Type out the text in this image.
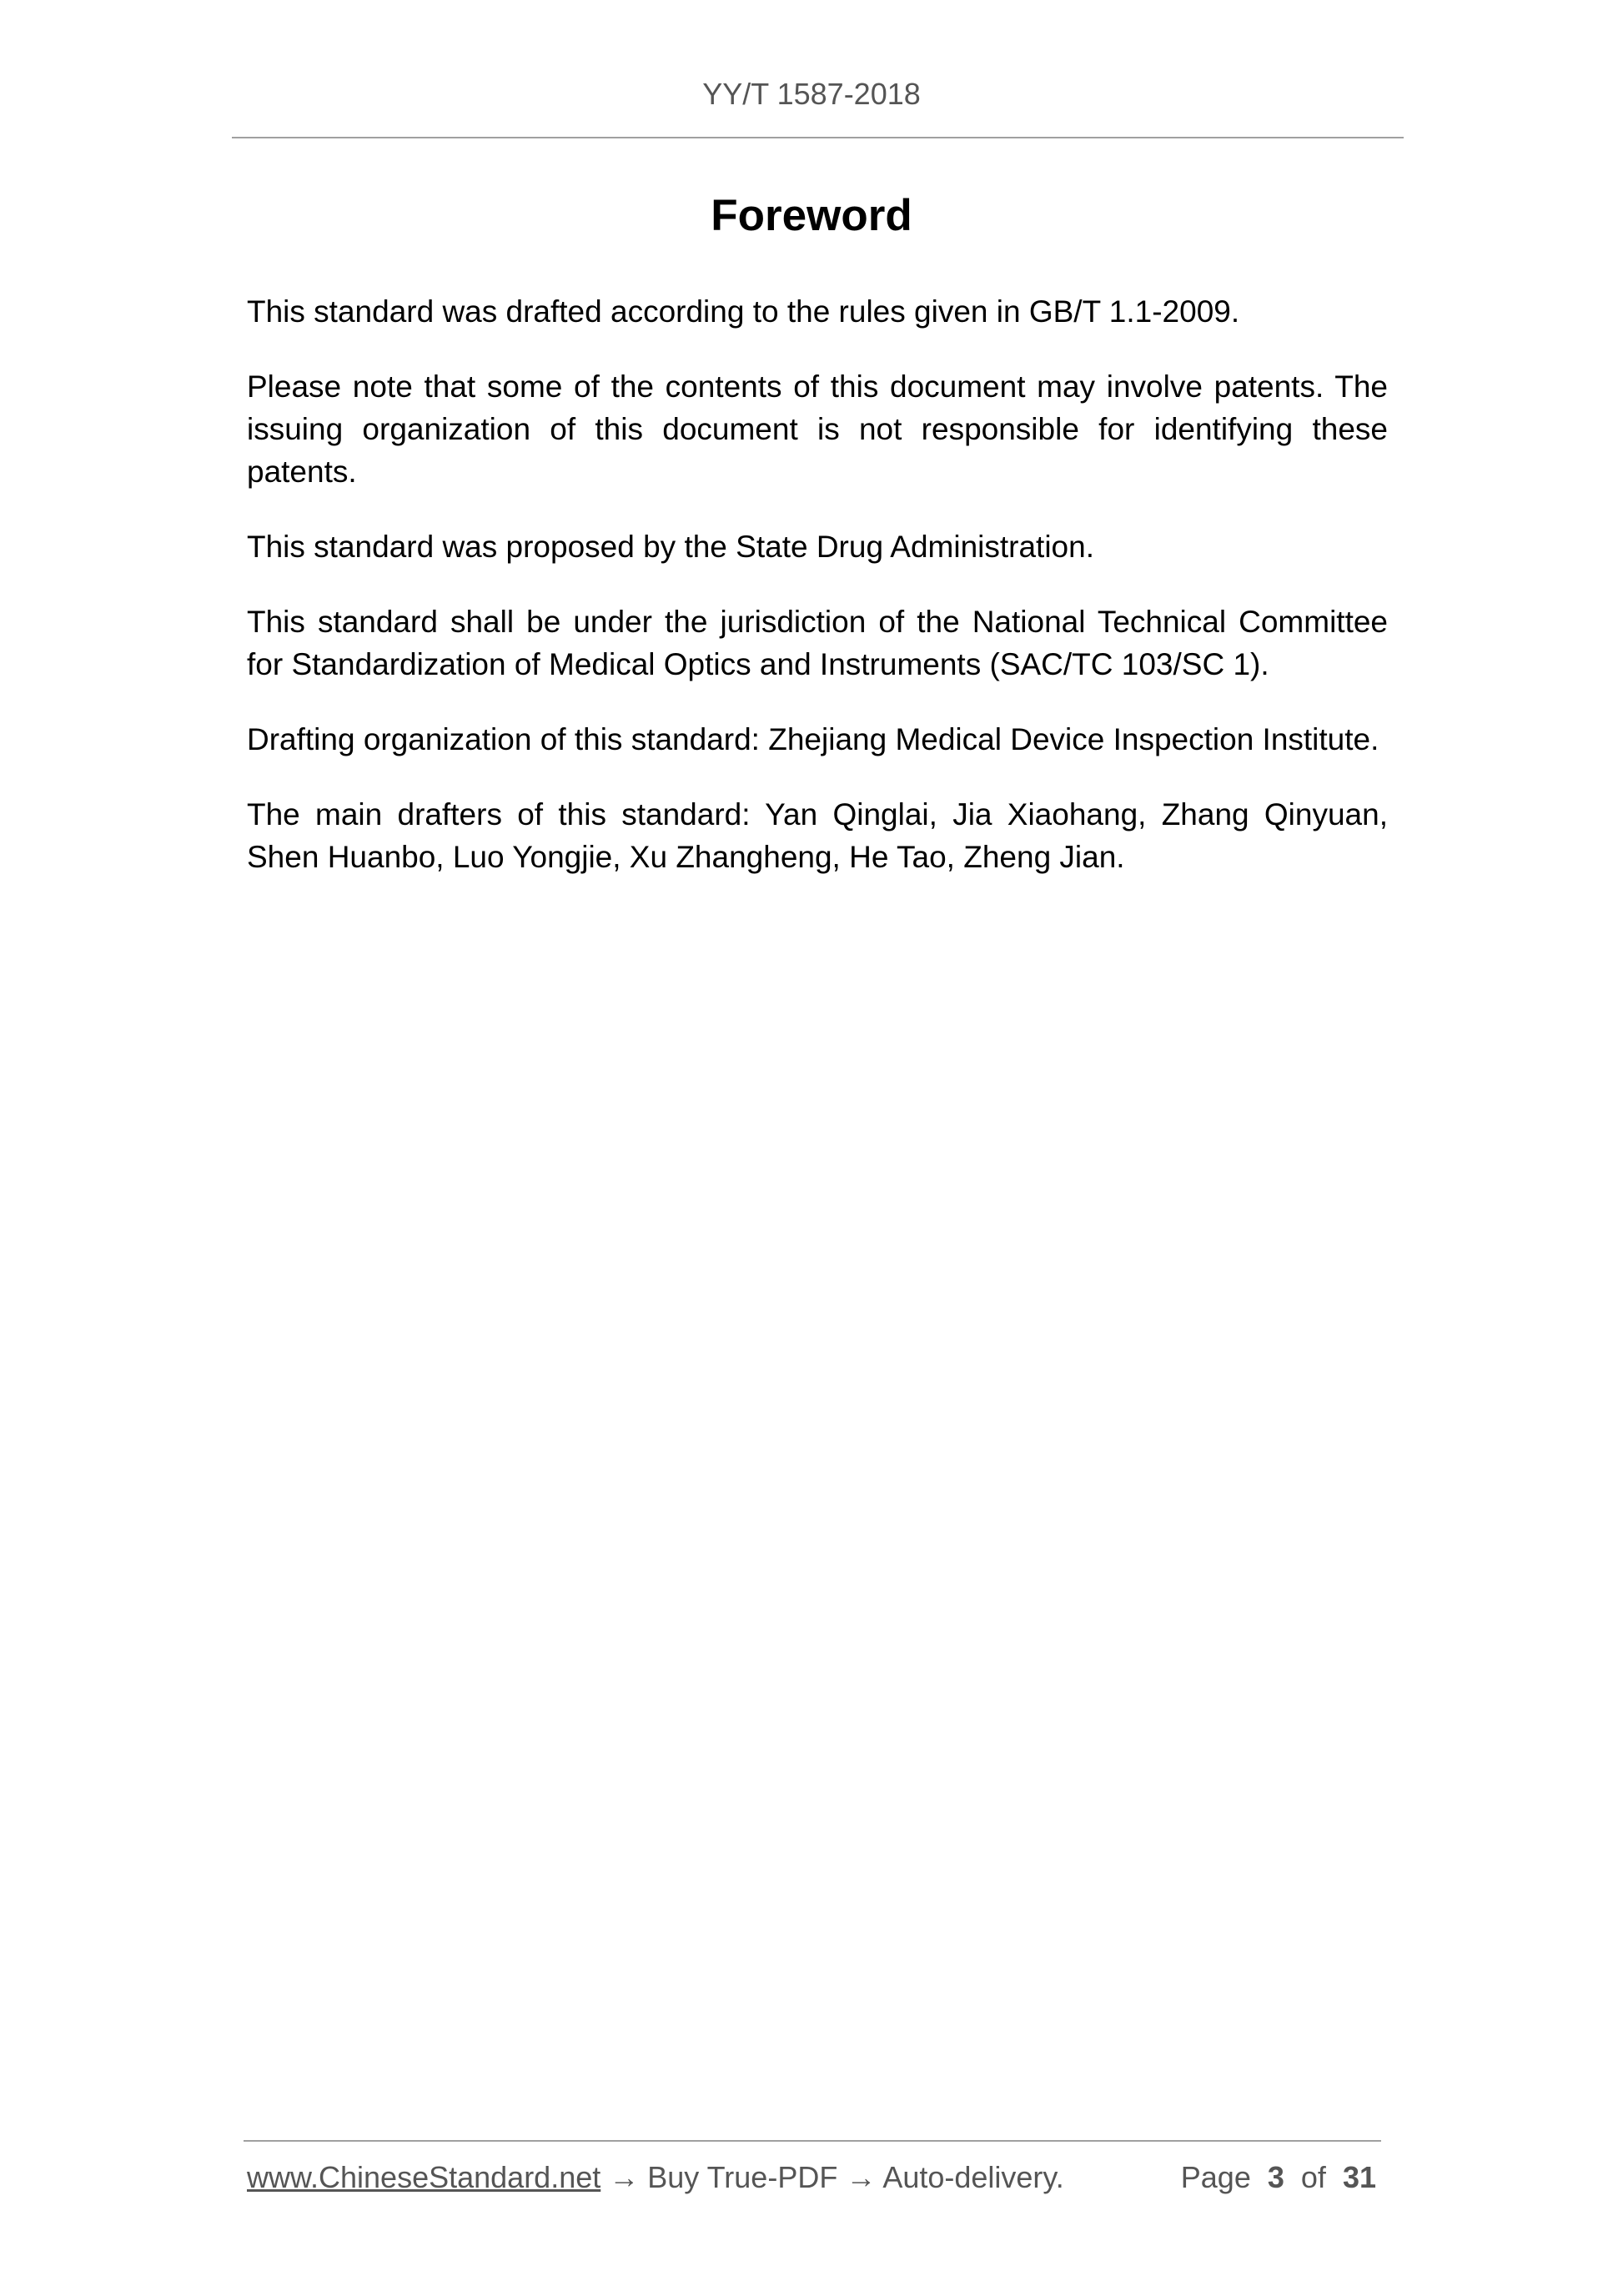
YY/T 1587-2018
Foreword

This standard was drafted according to the rules given in GB/T 1.1-2009.

Please note that some of the contents of this document may involve patents. The issuing organization of this document is not responsible for identifying these patents.

This standard was proposed by the State Drug Administration.

This standard shall be under the jurisdiction of the National Technical Committee for Standardization of Medical Optics and Instruments (SAC/TC 103/SC 1).

Drafting organization of this standard: Zhejiang Medical Device Inspection Institute.

The main drafters of this standard: Yan Qinglai, Jia Xiaohang, Zhang Qinyuan, Shen Huanbo, Luo Yongjie, Xu Zhangheng, He Tao, Zheng Jian.

www.ChineseStandard.net → Buy True-PDF → Auto-delivery.	Page 3 of 31
